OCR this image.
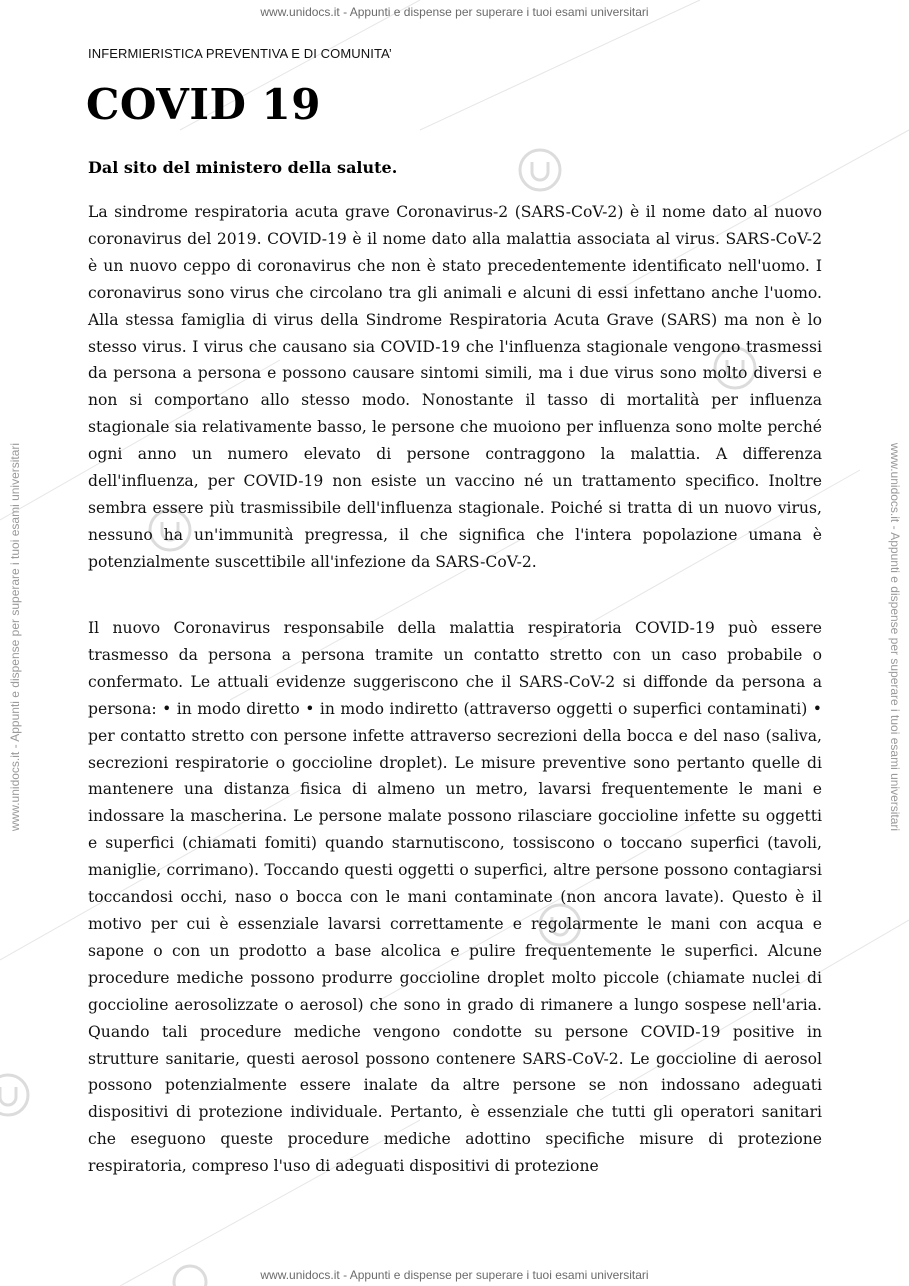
www.unidocs.it - Appunti e dispense per superare i tuoi esami universitari
www.unidocs.it - Appunti e dispense per superare i tuoi esami universitari	www.unidocs.it - Appunti e dispense per superare i tuoi esami universitari
www.unidocs.it - Appunti e dispense per superare i tuoi esami universitari
INFERMIERISTICA PREVENTIVA E DI COMUNITA’
COVID 19
Dal sito del ministero della salute.

La sindrome respiratoria acuta grave Coronavirus-2 (SARS-CoV-2) è il nome dato al nuovo coronavirus del 2019. COVID-19 è il nome dato alla malattia associata al virus. SARS-CoV-2 è un nuovo ceppo di coronavirus che non è stato precedentemente identificato nell'uomo. I coronavirus sono virus che circolano tra gli animali e alcuni di essi infettano anche l'uomo. Alla stessa famiglia di virus della Sindrome Respiratoria Acuta Grave (SARS) ma non è lo stesso virus. I virus che causano sia COVID-19 che l'influenza stagionale vengono trasmessi da persona a persona e possono causare sintomi simili, ma i due virus sono molto diversi e non si comportano allo stesso modo. Nonostante il tasso di mortalità per influenza stagionale sia relativamente basso, le persone che muoiono per influenza sono molte perché ogni anno un numero elevato di persone contraggono la malattia. A differenza dell'influenza, per COVID-19 non esiste un vaccino né un trattamento specifico. Inoltre sembra essere più trasmissibile dell'influenza stagionale. Poiché si tratta di un nuovo virus, nessuno ha un'immunità pregressa, il che significa che l'intera popolazione umana è potenzialmente suscettibile all'infezione da SARS-CoV-2.

Il nuovo Coronavirus responsabile della malattia respiratoria COVID-19 può essere trasmesso da persona a persona tramite un contatto stretto con un caso probabile o confermato. Le attuali evidenze suggeriscono che il SARS-CoV-2 si diffonde da persona a persona: • in modo diretto • in modo indiretto (attraverso oggetti o superfici contaminati) • per contatto stretto con persone infette attraverso secrezioni della bocca e del naso (saliva, secrezioni respiratorie o goccioline droplet). Le misure preventive sono pertanto quelle di mantenere una distanza fisica di almeno un metro, lavarsi frequentemente le mani e indossare la mascherina. Le persone malate possono rilasciare goccioline infette su oggetti e superfici (chiamati fomiti) quando starnutiscono, tossiscono o toccano superfici (tavoli, maniglie, corrimano). Toccando questi oggetti o superfici, altre persone possono contagiarsi toccandosi occhi, naso o bocca con le mani contaminate (non ancora lavate). Questo è il motivo per cui è essenziale lavarsi correttamente e regolarmente le mani con acqua e sapone o con un prodotto a base alcolica e pulire frequentemente le superfici. Alcune procedure mediche possono produrre goccioline droplet molto piccole (chiamate nuclei di goccioline aerosolizzate o aerosol) che sono in grado di rimanere a lungo sospese nell'aria. Quando tali procedure mediche vengono condotte su persone COVID-19 positive in strutture sanitarie, questi aerosol possono contenere SARS-CoV-2. Le goccioline di aerosol possono potenzialmente essere inalate da altre persone se non indossano adeguati dispositivi di protezione individuale. Pertanto, è essenziale che tutti gli operatori sanitari che eseguono queste procedure mediche adottino specifiche misure di protezione respiratoria, compreso l'uso di adeguati dispositivi di protezione
